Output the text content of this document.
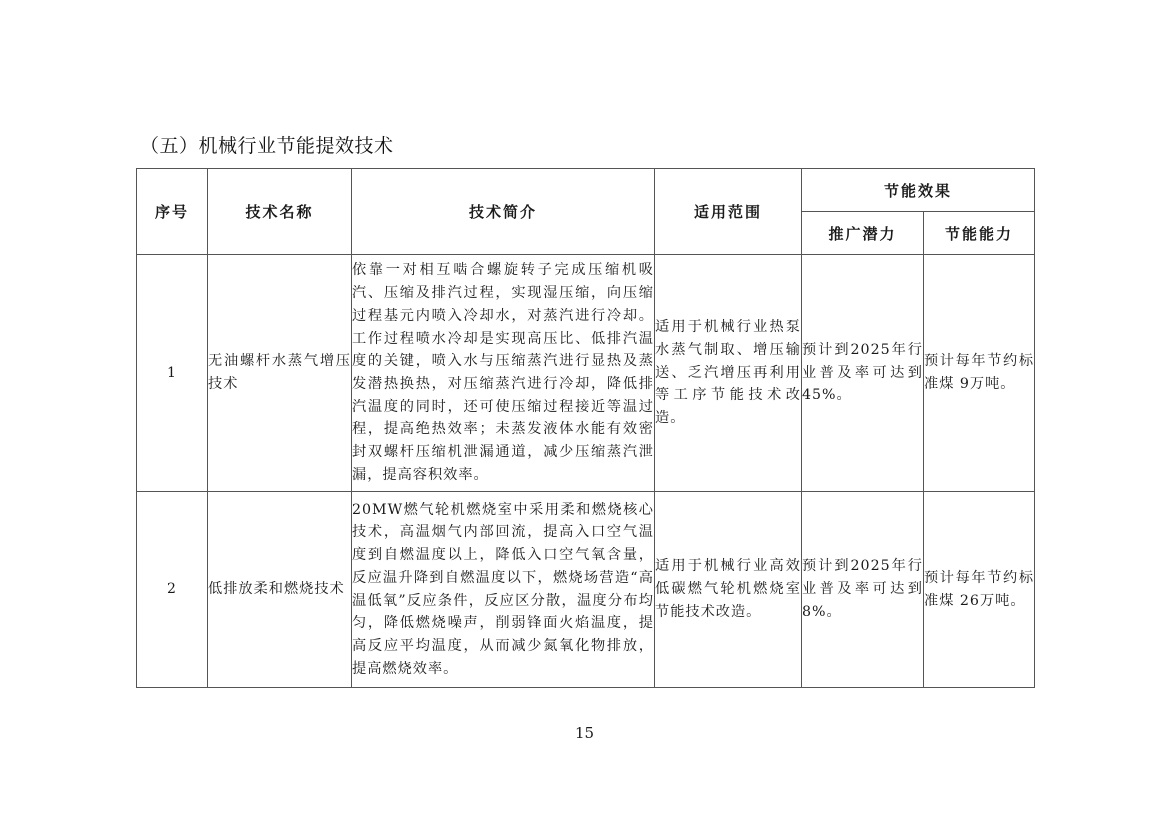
（五）机械行业节能提效技术
序号	技术名称	技术简介	适用范围	节能效果	
				推广潜力	节能能力
1	无油螺杆水蒸气增压技术	依靠一对相互啮合螺旋转子完成压缩机吸汽、压缩及排汽过程，实现湿压缩，向压缩过程基元内喷入冷却水，对蒸汽进行冷却。工作过程喷水冷却是实现高压比、低排汽温度的关键，喷入水与压缩蒸汽进行显热及蒸发潜热换热，对压缩蒸汽进行冷却，降低排汽温度的同时，还可使压缩过程接近等温过程，提高绝热效率；未蒸发液体水能有效密封双螺杆压缩机泄漏通道，减少压缩蒸汽泄漏，提高容积效率。	适用于机械行业热泵水蒸气制取、增压输送、乏汽增压再利用等工序节能技术改造。	预计到2025年行业普及率可达到45%。	预计每年节约标准煤 9万吨。
2	低排放柔和燃烧技术	20MW燃气轮机燃烧室中采用柔和燃烧核心技术，高温烟气内部回流，提高入口空气温度到自燃温度以上，降低入口空气氧含量，反应温升降到自燃温度以下，燃烧场营造“高温低氧”反应条件，反应区分散，温度分布均匀，降低燃烧噪声，削弱锋面火焰温度，提高反应平均温度，从而减少氮氧化物排放，提高燃烧效率。	适用于机械行业高效低碳燃气轮机燃烧室节能技术改造。	预计到2025年行业普及率可达到8%。	预计每年节约标准煤 26万吨。
15
